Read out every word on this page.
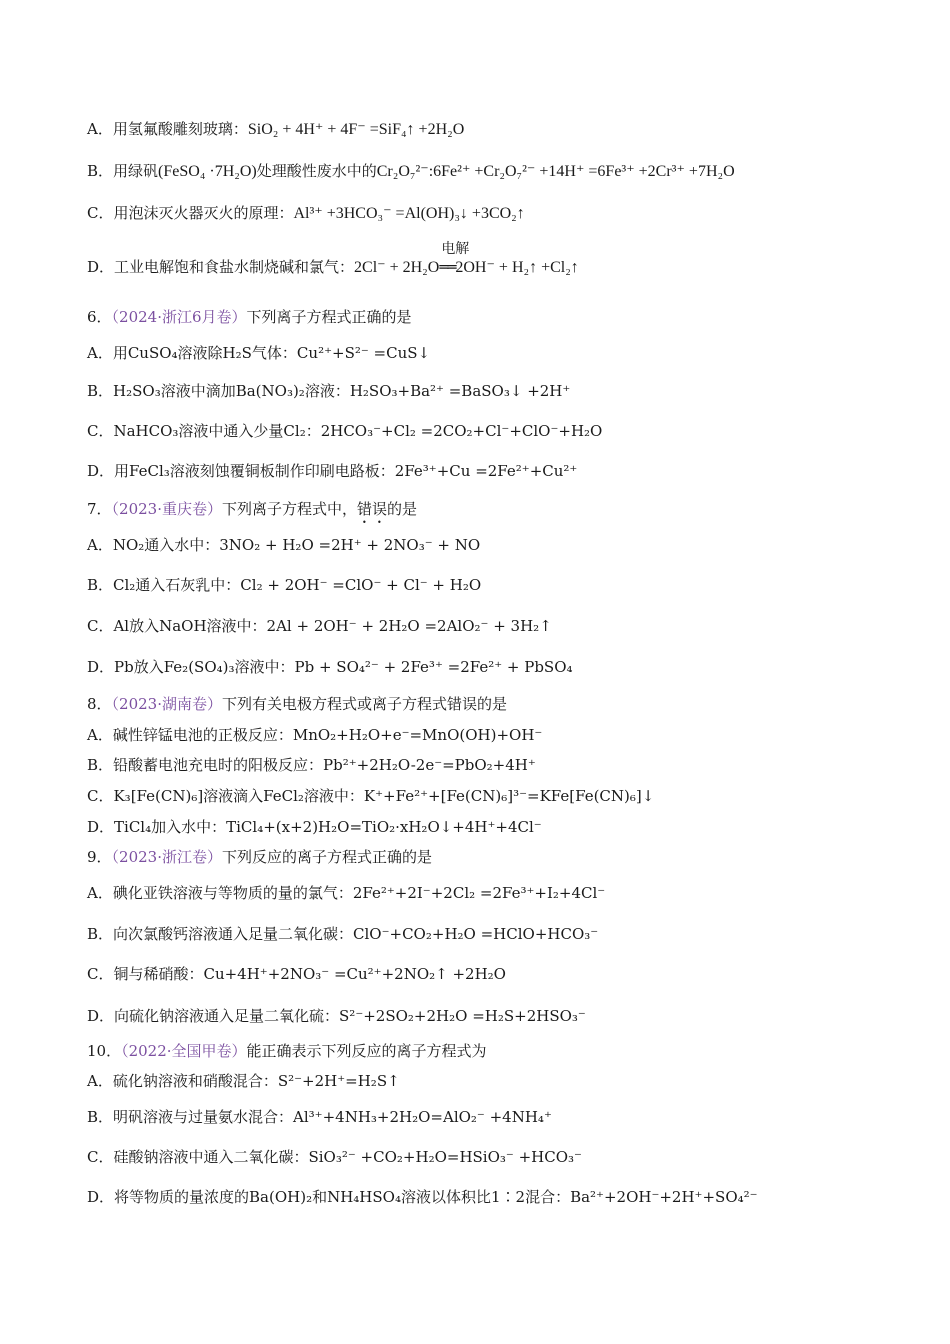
A．用氢氟酸雕刻玻璃：SiO₂ + 4H⁺ + 4F⁻ =SiF₄↑ +2H₂O
B．用绿矾(FeSO₄ ·7H₂O)处理酸性废水中的Cr₂O₇²⁻:6Fe²⁺ +Cr₂O₇²⁻ +14H⁺ =6Fe³⁺ +2Cr³⁺ +7H₂O
C．用泡沫灭火器灭火的原理：Al³⁺ +3HCO₃⁻ =Al(OH)₃↓ +3CO₂↑
D．工业电解饱和食盐水制烧碱和氯气：2Cl⁻ + 2H₂O
电解
══2OH⁻ + H₂↑ +Cl₂↑
6．（2024·浙江6月卷）下列离子方程式正确的是
A．用CuSO₄溶液除H₂S气体：Cu²⁺+S²⁻ =CuS↓
B．H₂SO₃溶液中滴加Ba(NO₃)₂溶液：H₂SO₃+Ba²⁺ =BaSO₃↓ +2H⁺
C．NaHCO₃溶液中通入少量Cl₂：2HCO₃⁻+Cl₂ =2CO₂+Cl⁻+ClO⁻+H₂O
D．用FeCl₃溶液刻蚀覆铜板制作印刷电路板：2Fe³⁺+Cu =2Fe²⁺+Cu²⁺
7．（2023·重庆卷）下列离子方程式中，错误的是
A．NO₂通入水中：3NO₂ + H₂O =2H⁺ + 2NO₃⁻ + NO
B．Cl₂通入石灰乳中：Cl₂ + 2OH⁻ =ClO⁻ + Cl⁻ + H₂O
C．Al放入NaOH溶液中：2Al + 2OH⁻ + 2H₂O =2AlO₂⁻ + 3H₂↑
D．Pb放入Fe₂(SO₄)₃溶液中：Pb + SO₄²⁻ + 2Fe³⁺ =2Fe²⁺ + PbSO₄
8．（2023·湖南卷）下列有关电极方程式或离子方程式错误的是
A．碱性锌锰电池的正极反应：MnO₂+H₂O+e⁻=MnO(OH)+OH⁻
B．铅酸蓄电池充电时的阳极反应：Pb²⁺+2H₂O-2e⁻=PbO₂+4H⁺
C．K₃[Fe(CN)₆]溶液滴入FeCl₂溶液中：K⁺+Fe²⁺+[Fe(CN)₆]³⁻=KFe[Fe(CN)₆]↓
D．TiCl₄加入水中：TiCl₄+(x+2)H₂O=TiO₂·xH₂O↓+4H⁺+4Cl⁻
9．（2023·浙江卷）下列反应的离子方程式正确的是
A．碘化亚铁溶液与等物质的量的氯气：2Fe²⁺+2I⁻+2Cl₂ =2Fe³⁺+I₂+4Cl⁻
B．向次氯酸钙溶液通入足量二氧化碳：ClO⁻+CO₂+H₂O =HClO+HCO₃⁻
C．铜与稀硝酸：Cu+4H⁺+2NO₃⁻ =Cu²⁺+2NO₂↑ +2H₂O
D．向硫化钠溶液通入足量二氧化硫：S²⁻+2SO₂+2H₂O =H₂S+2HSO₃⁻
10．（2022·全国甲卷）能正确表示下列反应的离子方程式为
A．硫化钠溶液和硝酸混合：S²⁻+2H⁺=H₂S↑
B．明矾溶液与过量氨水混合：Al³⁺+4NH₃+2H₂O=AlO₂⁻ +4NH₄⁺
C．硅酸钠溶液中通入二氧化碳：SiO₃²⁻ +CO₂+H₂O=HSiO₃⁻ +HCO₃⁻
D．将等物质的量浓度的Ba(OH)₂和NH₄HSO₄溶液以体积比1∶2混合：Ba²⁺+2OH⁻+2H⁺+SO₄²⁻
